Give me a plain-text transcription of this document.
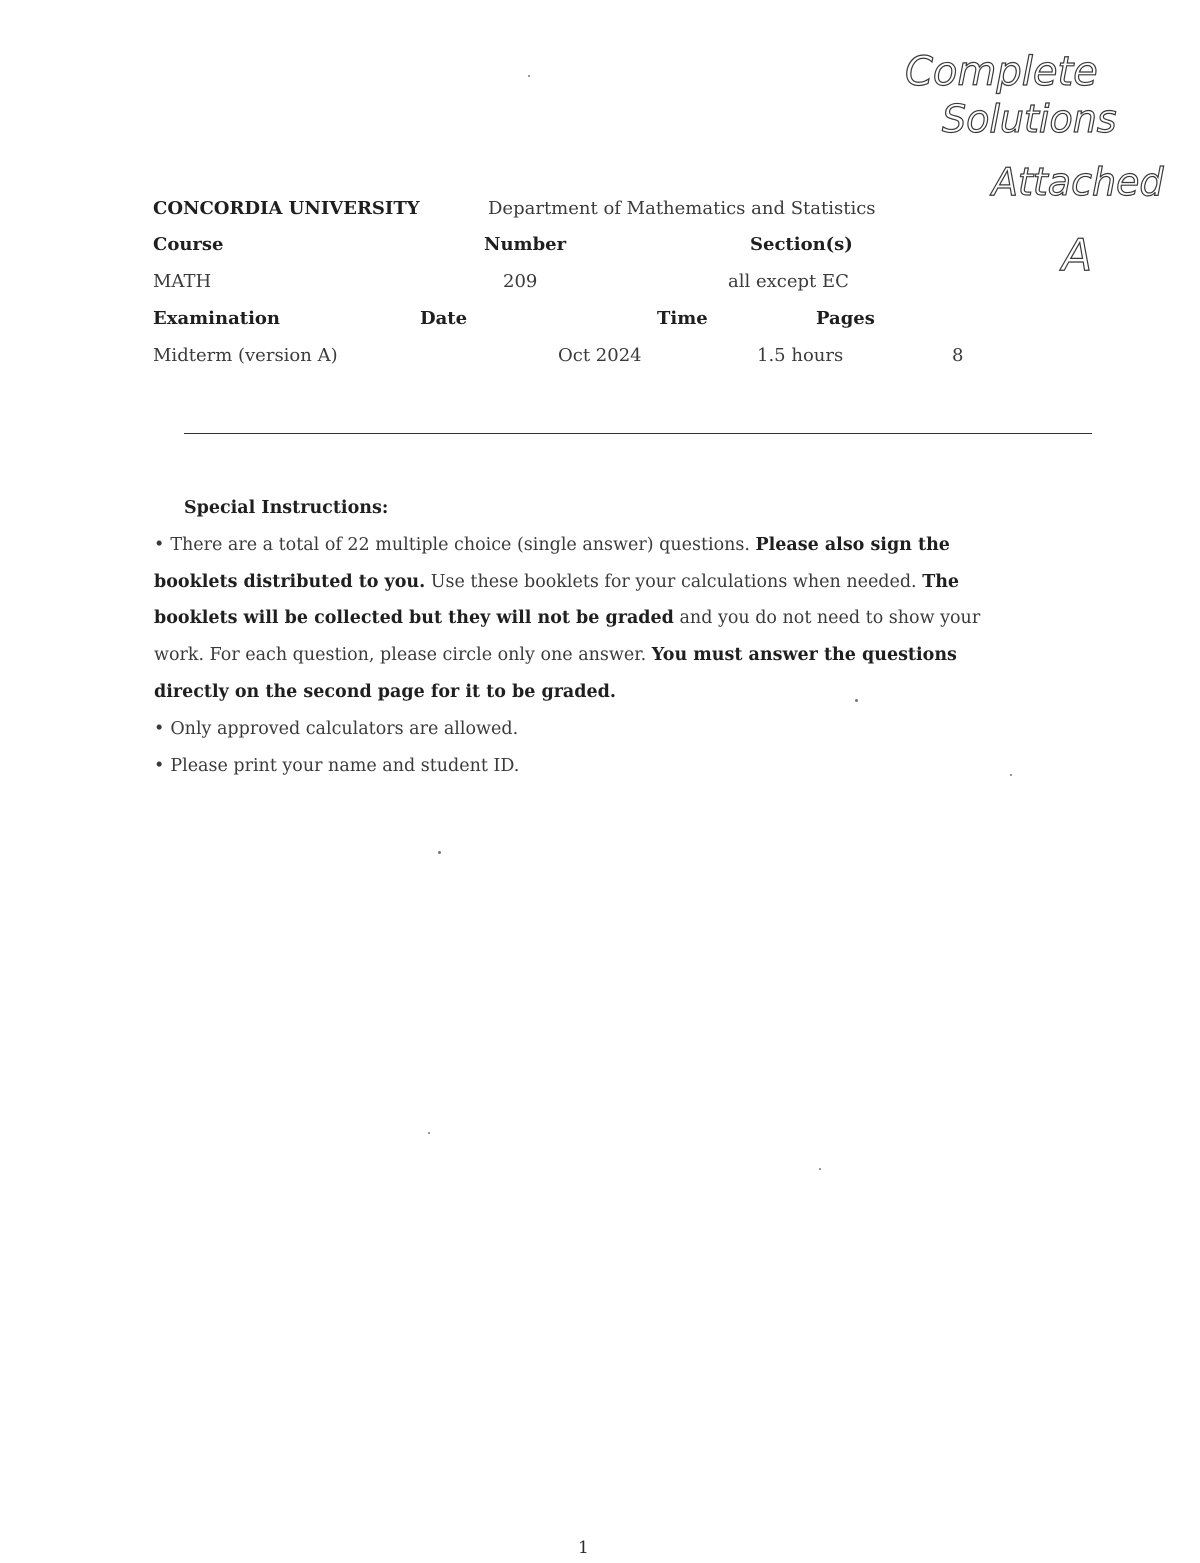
Complete
Solutions
Attached
A
CONCORDIA UNIVERSITY	Department of Mathematics and Statistics
Course	Number	Section(s)
MATH	209	all except EC
Examination	Date	Time	Pages
Midterm (version A)	Oct 2024	1.5 hours	8

Special Instructions:

• There are a total of 22 multiple choice (single answer) questions. Please also sign the booklets distributed to you. Use these booklets for your calculations when needed. The booklets will be collected but they will not be graded and you do not need to show your work. For each question, please circle only one answer. You must answer the questions directly on the second page for it to be graded.

• Only approved calculators are allowed.

• Please print your name and student ID.

1
